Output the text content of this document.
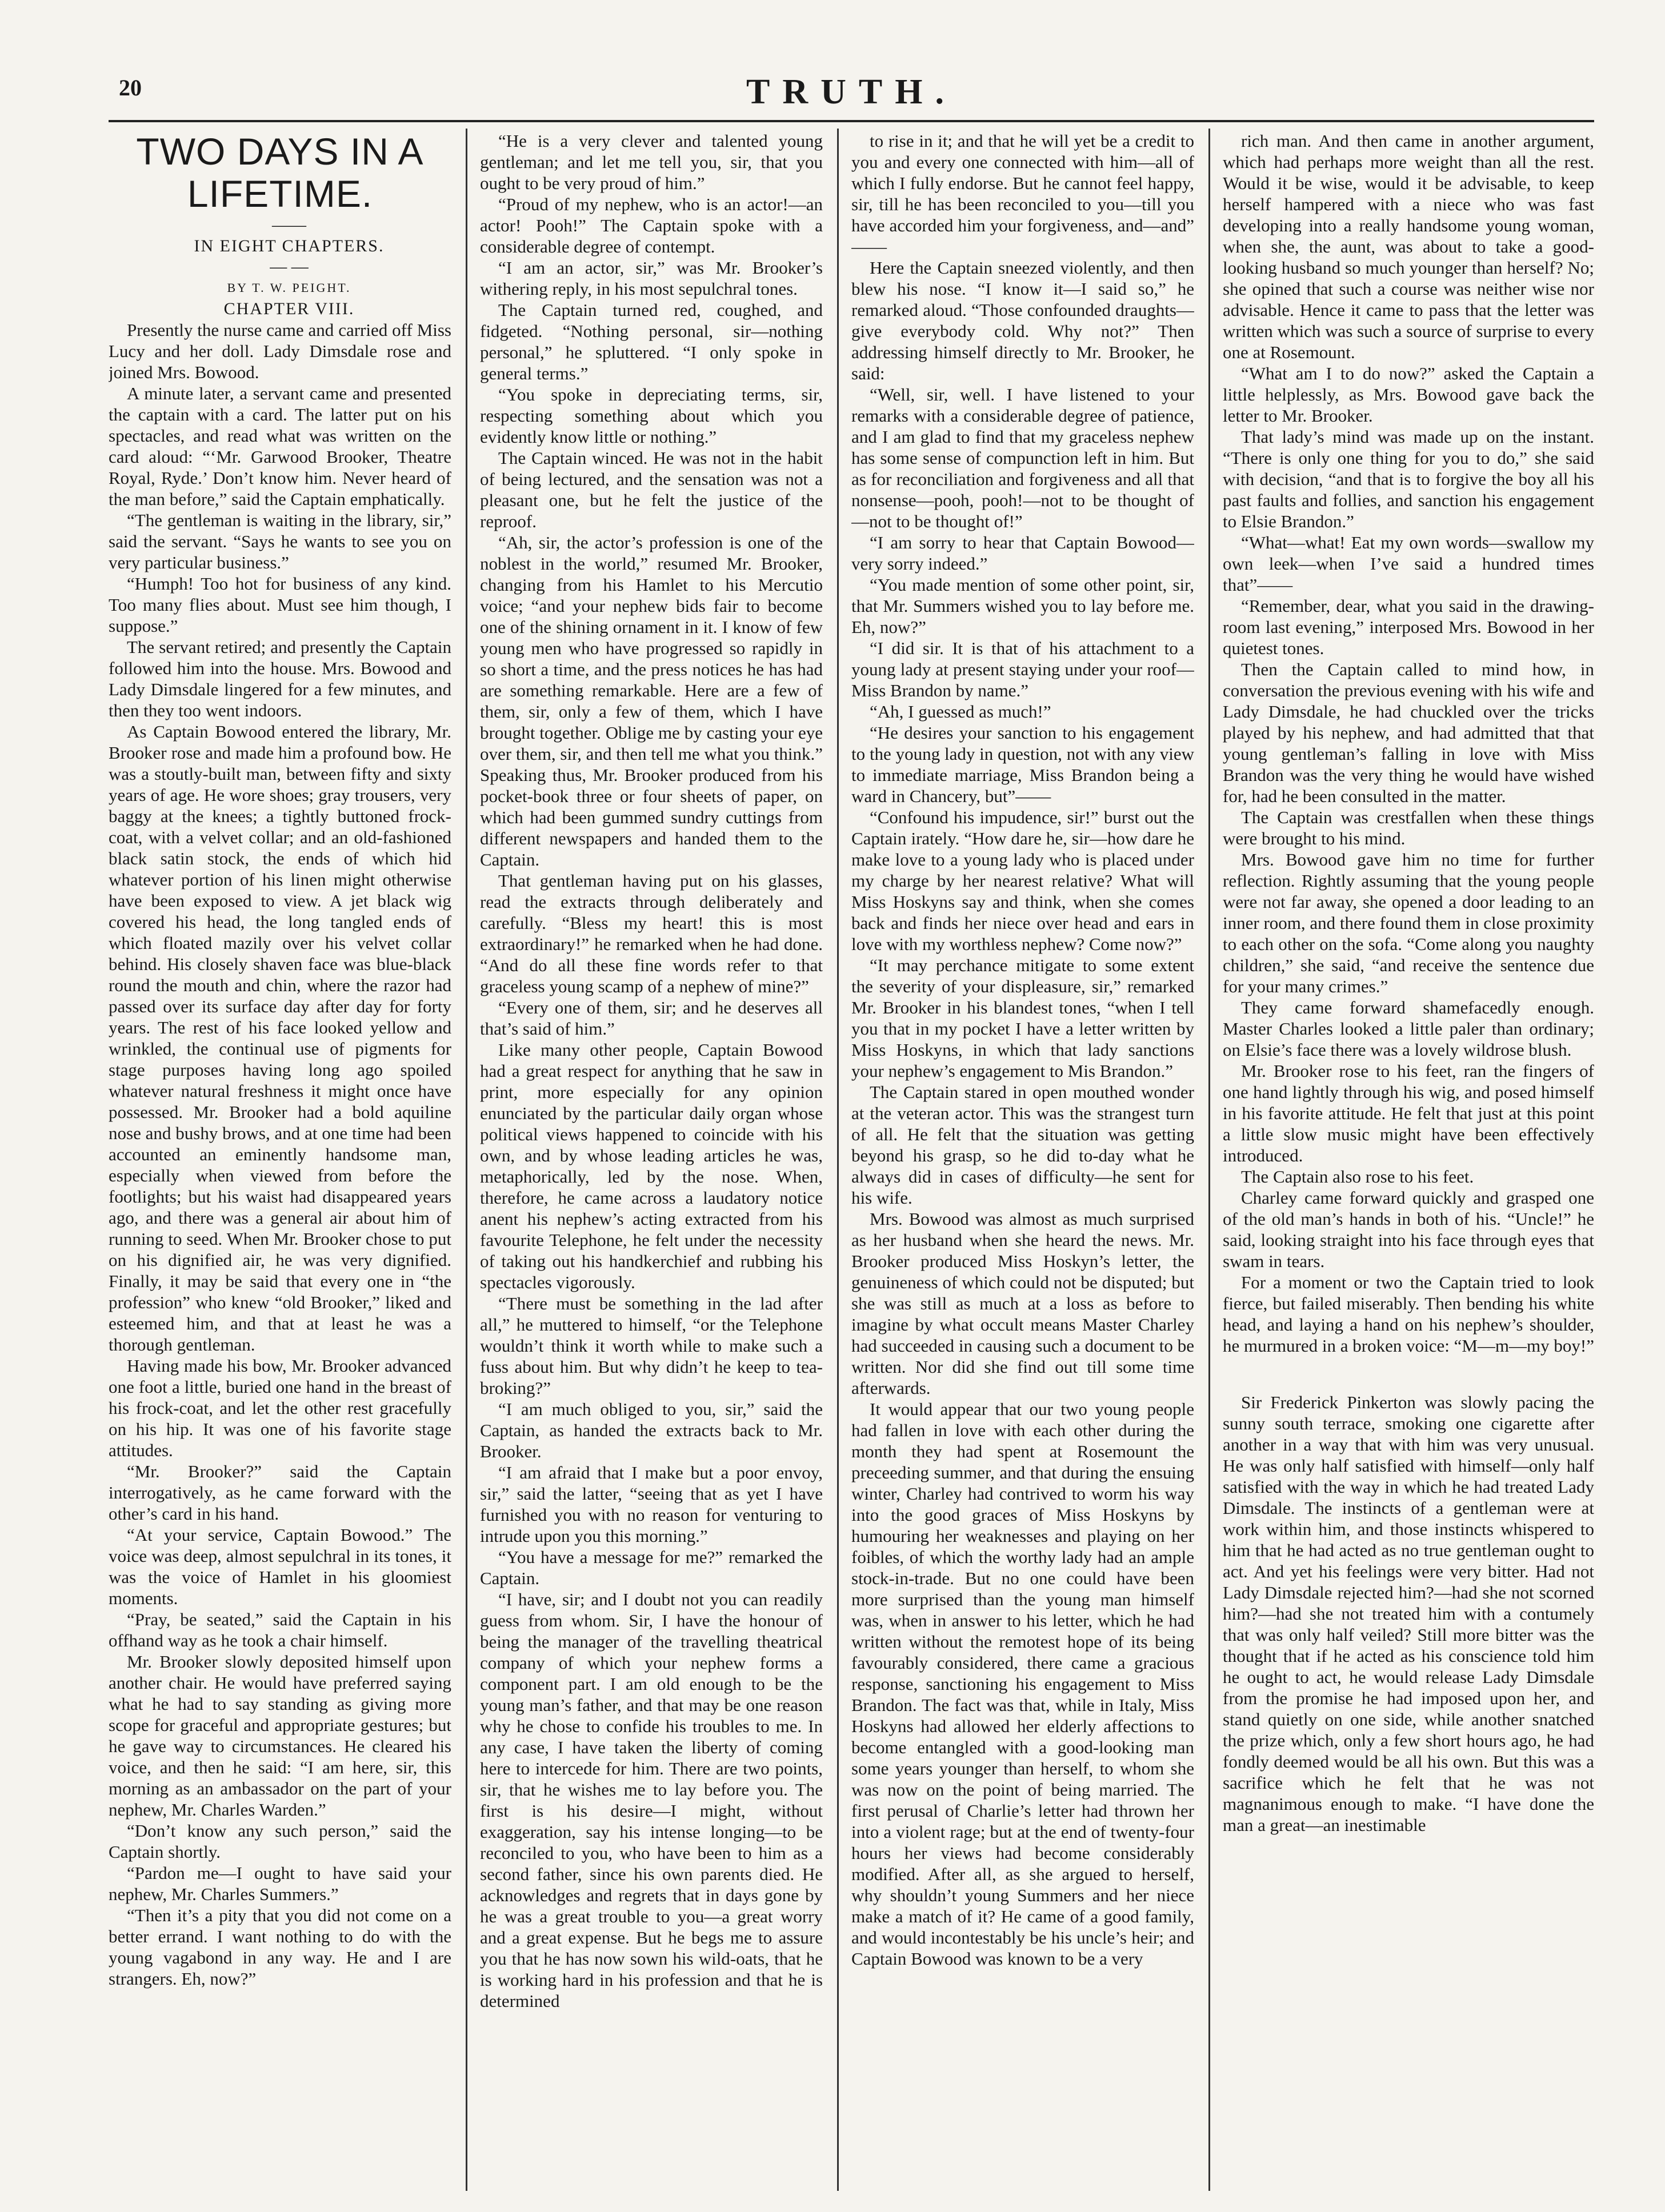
20	TRUTH.
TWO DAYS IN A LIFETIME.

——

IN EIGHT CHAPTERS.

— —

BY T. W. PEIGHT.

CHAPTER VIII.

Presently the nurse came and carried off Miss Lucy and her doll. Lady Dimsdale rose and joined Mrs. Bowood.

A minute later, a servant came and presented the captain with a card. The latter put on his spectacles, and read what was written on the card aloud: “‘Mr. Garwood Brooker, Theatre Royal, Ryde.’ Don’t know him. Never heard of the man before,” said the Captain emphatically.

“The gentleman is waiting in the library, sir,” said the servant. “Says he wants to see you on very particular business.”

“Humph! Too hot for business of any kind. Too many flies about. Must see him though, I suppose.”

The servant retired; and presently the Captain followed him into the house. Mrs. Bowood and Lady Dimsdale lingered for a few minutes, and then they too went indoors.

As Captain Bowood entered the library, Mr. Brooker rose and made him a profound bow. He was a stoutly-built man, between fifty and sixty years of age. He wore shoes; gray trousers, very baggy at the knees; a tightly buttoned frock-coat, with a velvet collar; and an old-fashioned black satin stock, the ends of which hid whatever portion of his linen might otherwise have been exposed to view. A jet black wig covered his head, the long tangled ends of which floated mazily over his velvet collar behind. His closely shaven face was blue-black round the mouth and chin, where the razor had passed over its surface day after day for forty years. The rest of his face looked yellow and wrinkled, the continual use of pigments for stage purposes having long ago spoiled whatever natural freshness it might once have possessed. Mr. Brooker had a bold aquiline nose and bushy brows, and at one time had been accounted an eminently handsome man, especially when viewed from before the footlights; but his waist had disappeared years ago, and there was a general air about him of running to seed. When Mr. Brooker chose to put on his dignified air, he was very dignified. Finally, it may be said that every one in “the profession” who knew “old Brooker,” liked and esteemed him, and that at least he was a thorough gentleman.

Having made his bow, Mr. Brooker advanced one foot a little, buried one hand in the breast of his frock-coat, and let the other rest gracefully on his hip. It was one of his favorite stage attitudes.

“Mr. Brooker?” said the Captain interrogatively, as he came forward with the other’s card in his hand.

“At your service, Captain Bowood.” The voice was deep, almost sepulchral in its tones, it was the voice of Hamlet in his gloomiest moments.

“Pray, be seated,” said the Captain in his offhand way as he took a chair himself.

Mr. Brooker slowly deposited himself upon another chair. He would have preferred saying what he had to say standing as giving more scope for graceful and appropriate gestures; but he gave way to circumstances. He cleared his voice, and then he said: “I am here, sir, this morning as an ambassador on the part of your nephew, Mr. Charles Warden.”

“Don’t know any such person,” said the Captain shortly.

“Pardon me—I ought to have said your nephew, Mr. Charles Summers.”

“Then it’s a pity that you did not come on a better errand. I want nothing to do with the young vagabond in any way. He and I are strangers. Eh, now?”

“He is a very clever and talented young gentleman; and let me tell you, sir, that you ought to be very proud of him.”

“Proud of my nephew, who is an actor!—an actor! Pooh!” The Captain spoke with a considerable degree of contempt.

“I am an actor, sir,” was Mr. Brooker’s withering reply, in his most sepulchral tones.

The Captain turned red, coughed, and fidgeted. “Nothing personal, sir—nothing personal,” he spluttered. “I only spoke in general terms.”

“You spoke in depreciating terms, sir, respecting something about which you evidently know little or nothing.”

The Captain winced. He was not in the habit of being lectured, and the sensation was not a pleasant one, but he felt the justice of the reproof.

“Ah, sir, the actor’s profession is one of the noblest in the world,” resumed Mr. Brooker, changing from his Hamlet to his Mercutio voice; “and your nephew bids fair to become one of the shining ornament in it. I know of few young men who have progressed so rapidly in so short a time, and the press notices he has had are something remarkable. Here are a few of them, sir, only a few of them, which I have brought together. Oblige me by casting your eye over them, sir, and then tell me what you think.” Speaking thus, Mr. Brooker produced from his pocket-book three or four sheets of paper, on which had been gummed sundry cuttings from different newspapers and handed them to the Captain.

That gentleman having put on his glasses, read the extracts through deliberately and carefully. “Bless my heart! this is most extraordinary!” he remarked when he had done. “And do all these fine words refer to that graceless young scamp of a nephew of mine?”

“Every one of them, sir; and he deserves all that’s said of him.”

Like many other people, Captain Bowood had a great respect for anything that he saw in print, more especially for any opinion enunciated by the particular daily organ whose political views happened to coincide with his own, and by whose leading articles he was, metaphorically, led by the nose. When, therefore, he came across a laudatory notice anent his nephew’s acting extracted from his favourite Telephone, he felt under the necessity of taking out his handkerchief and rubbing his spectacles vigorously.

“There must be something in the lad after all,” he muttered to himself, “or the Telephone wouldn’t think it worth while to make such a fuss about him. But why didn’t he keep to tea-broking?”

“I am much obliged to you, sir,” said the Captain, as handed the extracts back to Mr. Brooker.

“I am afraid that I make but a poor envoy, sir,” said the latter, “seeing that as yet I have furnished you with no reason for venturing to intrude upon you this morning.”

“You have a message for me?” remarked the Captain.

“I have, sir; and I doubt not you can readily guess from whom. Sir, I have the honour of being the manager of the travelling theatrical company of which your nephew forms a component part. I am old enough to be the young man’s father, and that may be one reason why he chose to confide his troubles to me. In any case, I have taken the liberty of coming here to intercede for him. There are two points, sir, that he wishes me to lay before you. The first is his desire—I might, without exaggeration, say his intense longing—to be reconciled to you, who have been to him as a second father, since his own parents died. He acknowledges and regrets that in days gone by he was a great trouble to you—a great worry and a great expense. But he begs me to assure you that he has now sown his wild-oats, that he is working hard in his profession and that he is determined

to rise in it; and that he will yet be a credit to you and every one connected with him—all of which I fully endorse. But he cannot feel happy, sir, till he has been reconciled to you—till you have accorded him your forgiveness, and—and” ——

Here the Captain sneezed violently, and then blew his nose. “I know it—I said so,” he remarked aloud. “Those confounded draughts—give everybody cold. Why not?” Then addressing himself directly to Mr. Brooker, he said:

“Well, sir, well. I have listened to your remarks with a considerable degree of patience, and I am glad to find that my graceless nephew has some sense of compunction left in him. But as for reconciliation and forgiveness and all that nonsense—pooh, pooh!—not to be thought of—not to be thought of!”

“I am sorry to hear that Captain Bowood—very sorry indeed.”

“You made mention of some other point, sir, that Mr. Summers wished you to lay before me. Eh, now?”

“I did sir. It is that of his attachment to a young lady at present staying under your roof—Miss Brandon by name.”

“Ah, I guessed as much!”

“He desires your sanction to his engagement to the young lady in question, not with any view to immediate marriage, Miss Brandon being a ward in Chancery, but”——

“Confound his impudence, sir!” burst out the Captain irately. “How dare he, sir—how dare he make love to a young lady who is placed under my charge by her nearest relative? What will Miss Hoskyns say and think, when she comes back and finds her niece over head and ears in love with my worthless nephew? Come now?”

“It may perchance mitigate to some extent the severity of your displeasure, sir,” remarked Mr. Brooker in his blandest tones, “when I tell you that in my pocket I have a letter written by Miss Hoskyns, in which that lady sanctions your nephew’s engagement to Mis Brandon.”

The Captain stared in open mouthed wonder at the veteran actor. This was the strangest turn of all. He felt that the situation was getting beyond his grasp, so he did to-day what he always did in cases of difficulty—he sent for his wife.

Mrs. Bowood was almost as much surprised as her husband when she heard the news. Mr. Brooker produced Miss Hoskyn’s letter, the genuineness of which could not be disputed; but she was still as much at a loss as before to imagine by what occult means Master Charley had succeeded in causing such a document to be written. Nor did she find out till some time afterwards.

It would appear that our two young people had fallen in love with each other during the month they had spent at Rosemount the preceeding summer, and that during the ensuing winter, Charley had contrived to worm his way into the good graces of Miss Hoskyns by humouring her weaknesses and playing on her foibles, of which the worthy lady had an ample stock-in-trade. But no one could have been more surprised than the young man himself was, when in answer to his letter, which he had written without the remotest hope of its being favourably considered, there came a gracious response, sanctioning his engagement to Miss Brandon. The fact was that, while in Italy, Miss Hoskyns had allowed her elderly affections to become entangled with a good-looking man some years younger than herself, to whom she was now on the point of being married. The first perusal of Charlie’s letter had thrown her into a violent rage; but at the end of twenty-four hours her views had become considerably modified. After all, as she argued to herself, why shouldn’t young Summers and her niece make a match of it? He came of a good family, and would incontestably be his uncle’s heir; and Captain Bowood was known to be a very

rich man. And then came in another argument, which had perhaps more weight than all the rest. Would it be wise, would it be advisable, to keep herself hampered with a niece who was fast developing into a really handsome young woman, when she, the aunt, was about to take a good-looking husband so much younger than herself? No; she opined that such a course was neither wise nor advisable. Hence it came to pass that the letter was written which was such a source of surprise to every one at Rosemount.

“What am I to do now?” asked the Captain a little helplessly, as Mrs. Bowood gave back the letter to Mr. Brooker.

That lady’s mind was made up on the instant. “There is only one thing for you to do,” she said with decision, “and that is to forgive the boy all his past faults and follies, and sanction his engagement to Elsie Brandon.”

“What—what! Eat my own words—swallow my own leek—when I’ve said a hundred times that”——

“Remember, dear, what you said in the drawing-room last evening,” interposed Mrs. Bowood in her quietest tones.

Then the Captain called to mind how, in conversation the previous evening with his wife and Lady Dimsdale, he had chuckled over the tricks played by his nephew, and had admitted that that young gentleman’s falling in love with Miss Brandon was the very thing he would have wished for, had he been consulted in the matter.

The Captain was crestfallen when these things were brought to his mind.

Mrs. Bowood gave him no time for further reflection. Rightly assuming that the young people were not far away, she opened a door leading to an inner room, and there found them in close proximity to each other on the sofa. “Come along you naughty children,” she said, “and receive the sentence due for your many crimes.”

They came forward shamefacedly enough. Master Charles looked a little paler than ordinary; on Elsie’s face there was a lovely wildrose blush.

Mr. Brooker rose to his feet, ran the fingers of one hand lightly through his wig, and posed himself in his favorite attitude. He felt that just at this point a little slow music might have been effectively introduced.

The Captain also rose to his feet.

Charley came forward quickly and grasped one of the old man’s hands in both of his. “Uncle!” he said, looking straight into his face through eyes that swam in tears.

For a moment or two the Captain tried to look fierce, but failed miserably. Then bending his white head, and laying a hand on his nephew’s shoulder, he murmured in a broken voice: “M—m—my boy!”

Sir Frederick Pinkerton was slowly pacing the sunny south terrace, smoking one cigarette after another in a way that with him was very unusual. He was only half satisfied with himself—only half satisfied with the way in which he had treated Lady Dimsdale. The instincts of a gentleman were at work within him, and those instincts whispered to him that he had acted as no true gentleman ought to act. And yet his feelings were very bitter. Had not Lady Dimsdale rejected him?—had she not scorned him?—had she not treated him with a contumely that was only half veiled? Still more bitter was the thought that if he acted as his conscience told him he ought to act, he would release Lady Dimsdale from the promise he had imposed upon her, and stand quietly on one side, while another snatched the prize which, only a few short hours ago, he had fondly deemed would be all his own. But this was a sacrifice which he felt that he was not magnanimous enough to make. “I have done the man a great—an inestimable
